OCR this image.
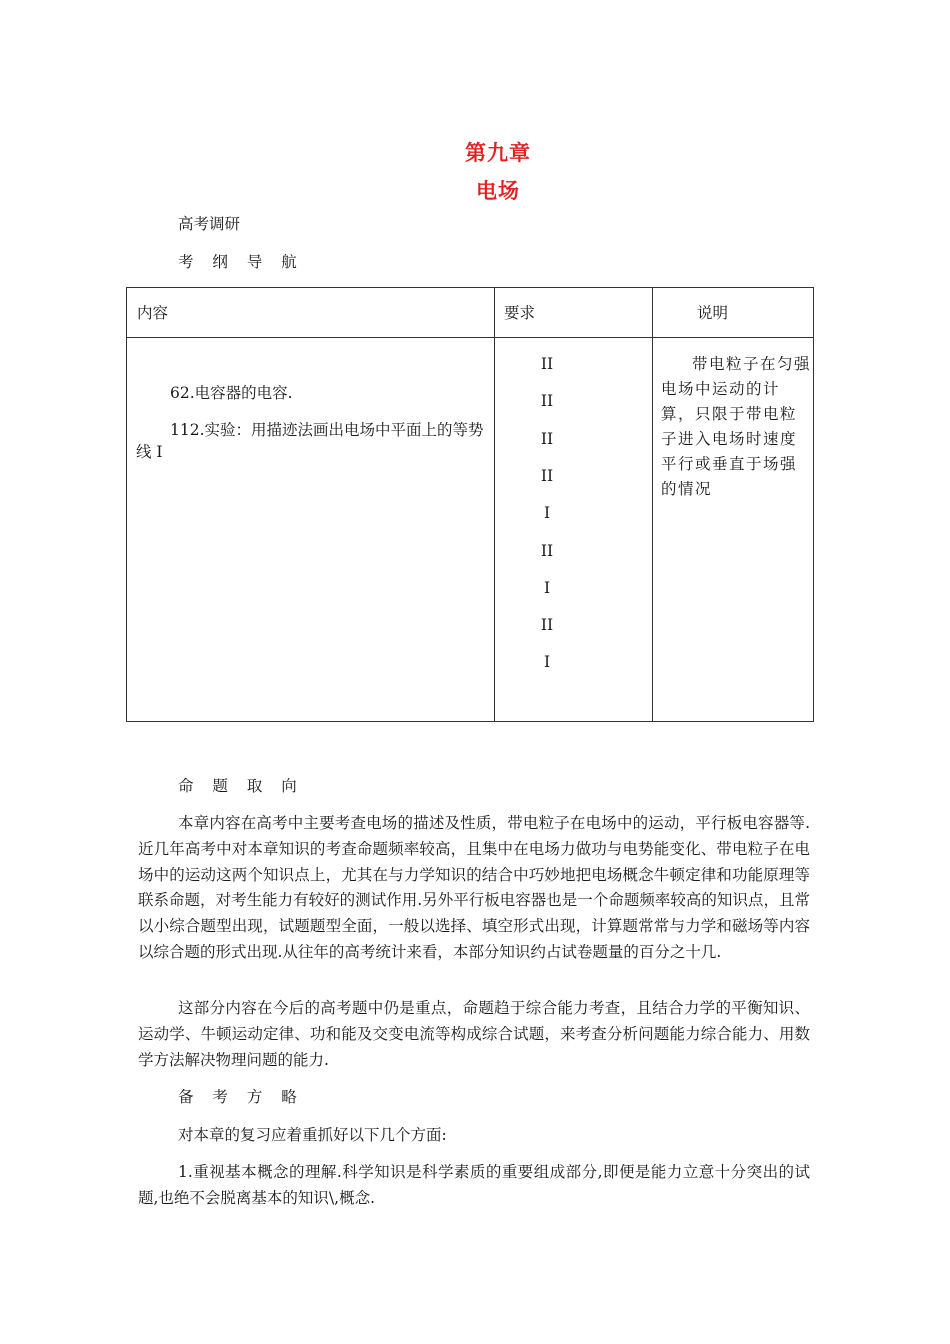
第九章
电场
高考调研
考 纲 导 航
内容	要求	说明
62.电容器的电容.
112.实验：用描迹法画出电场中平面上的等势线 I
II
II
II
II
I
II
I
II
I
带电粒子在匀强电场中运动的计算，只限于带电粒子进入电场时速度平行或垂直于场强的情况
命 题 取 向
本章内容在高考中主要考查电场的描述及性质，带电粒子在电场中的运动，平行板电容器等.近几年高考中对本章知识的考查命题频率较高，且集中在电场力做功与电势能变化、带电粒子在电场中的运动这两个知识点上，尤其在与力学知识的结合中巧妙地把电场概念牛顿定律和功能原理等联系命题，对考生能力有较好的测试作用.另外平行板电容器也是一个命题频率较高的知识点，且常以小综合题型出现，试题题型全面，一般以选择、填空形式出现，计算题常常与力学和磁场等内容以综合题的形式出现.从往年的高考统计来看，本部分知识约占试卷题量的百分之十几.
这部分内容在今后的高考题中仍是重点，命题趋于综合能力考查，且结合力学的平衡知识、运动学、牛顿运动定律、功和能及交变电流等构成综合试题，来考查分析问题能力综合能力、用数学方法解决物理问题的能力.
备 考 方 略
对本章的复习应着重抓好以下几个方面:
1.重视基本概念的理解.科学知识是科学素质的重要组成部分,即便是能力立意十分突出的试题,也绝不会脱离基本的知识\,概念.
